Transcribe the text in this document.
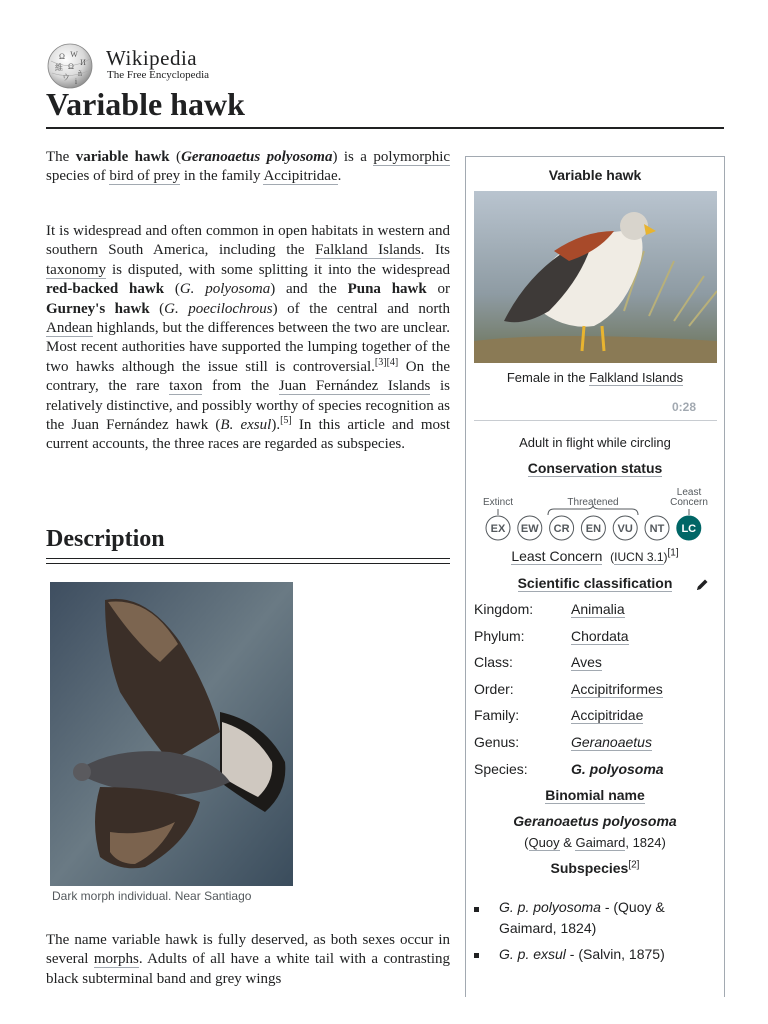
Ω W
И
維 Ω
ñ
ウ i
Wikipedia
The Free Encyclopedia
Variable hawk

The variable hawk (Geranoaetus polyosoma) is a polymorphic species of bird of prey in the family Accipitridae.

It is widespread and often common in open habitats in western and southern South America, including the Falkland Islands. Its taxonomy is disputed, with some splitting it into the widespread red-backed hawk (G. polyosoma) and the Puna hawk or Gurney's hawk (G. poecilochrous) of the central and north Andean highlands, but the differences between the two are unclear. Most recent authorities have supported the lumping together of the two hawks although the issue still is controversial.[3][4] On the contrary, the rare taxon from the Juan Fernández Islands is relatively distinctive, and possibly worthy of species recognition as the Juan Fernández hawk (B. exsul).[5] In this article and most current accounts, the three races are regarded as subspecies.

Description
Dark morph individual. Near Santiago

The name variable hawk is fully deserved, as both sexes occur in several morphs. Adults of all have a white tail with a contrasting black subterminal band and grey wings

Variable hawk
Female in the Falkland Islands
0:28
Adult in flight while circling
Conservation status
Extinct	Threatened
Least
Concern
EX EW CR EN VU NT LC
Least Concern (IUCN 3.1)[1]
Scientific classification
Binomial name
Geranoaetus polyosoma
(Quoy & Gaimard, 1824)
Subspecies[2]
G. p. polyosoma - (Quoy & Gaimard, 1824)
G. p. exsul - (Salvin, 1875)
Kingdom:	Animalia
Phylum:	Chordata
Class:	Aves
Order:	Accipitriformes
Family:	Accipitridae
Genus:	Geranoaetus
Species:	G. polyosoma
